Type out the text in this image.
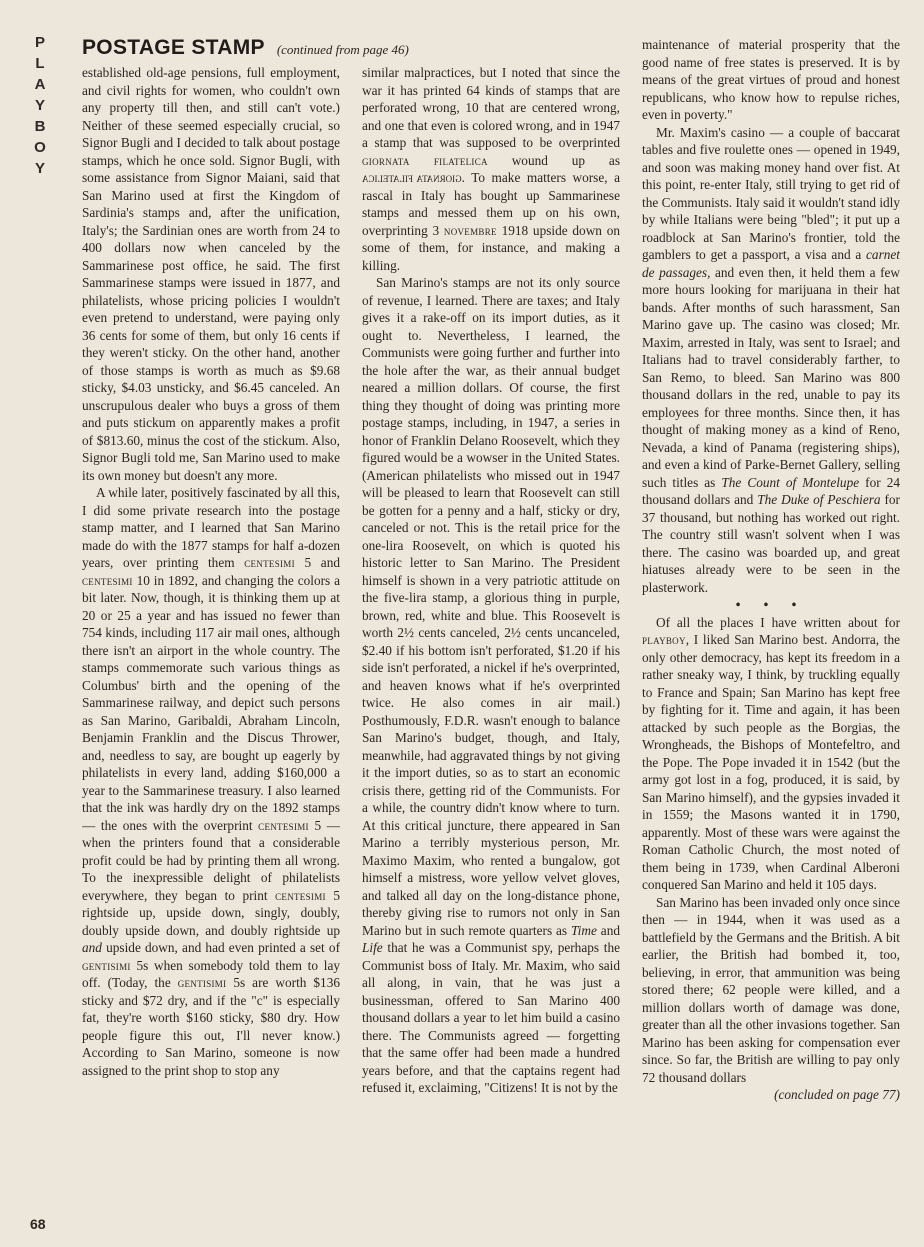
P
L
A
Y
B
O
Y
POSTAGE STAMP (continued from page 46)

established old-age pensions, full employment, and civil rights for women, who couldn't own any property till then, and still can't vote.) Neither of these seemed especially crucial, so Signor Bugli and I decided to talk about postage stamps, which he once sold. Signor Bugli, with some assistance from Signor Maiani, said that San Marino used at first the Kingdom of Sardinia's stamps and, after the unification, Italy's; the Sardinian ones are worth from 24 to 400 dollars now when canceled by the Sammarinese post office, he said. The first Sammarinese stamps were issued in 1877, and philatelists, whose pricing policies I wouldn't even pretend to understand, were paying only 36 cents for some of them, but only 16 cents if they weren't sticky. On the other hand, another of those stamps is worth as much as $9.68 sticky, $4.03 unsticky, and $6.45 canceled. An unscrupulous dealer who buys a gross of them and puts stickum on apparently makes a profit of $813.60, minus the cost of the stickum. Also, Signor Bugli told me, San Marino used to make its own money but doesn't any more.

A while later, positively fascinated by all this, I did some private research into the postage stamp matter, and I learned that San Marino made do with the 1877 stamps for half a-dozen years, over printing them centesimi 5 and centesimi 10 in 1892, and changing the colors a bit later. Now, though, it is thinking them up at 20 or 25 a year and has issued no fewer than 754 kinds, including 117 air mail ones, although there isn't an airport in the whole country. The stamps commemorate such various things as Columbus' birth and the opening of the Sammarinese railway, and depict such persons as San Marino, Garibaldi, Abraham Lincoln, Benjamin Franklin and the Discus Thrower, and, needless to say, are bought up eagerly by philatelists in every land, adding $160,000 a year to the Sammarinese treasury. I also learned that the ink was hardly dry on the 1892 stamps — the ones with the overprint centesimi 5 — when the printers found that a considerable profit could be had by printing them all wrong. To the inexpressible delight of philatelists everywhere, they began to print centesimi 5 rightside up, upside down, singly, doubly, doubly upside down, and doubly rightside up and upside down, and had even printed a set of gentisimi 5s when somebody told them to lay off. (Today, the gentisimi 5s are worth $136 sticky and $72 dry, and if the "c" is especially fat, they're worth $160 sticky, $80 dry. How people figure this out, I'll never know.) According to San Marino, someone is now assigned to the print shop to stop any

similar malpractices, but I noted that since the war it has printed 64 kinds of stamps that are perforated wrong, 10 that are centered wrong, and one that even is colored wrong, and in 1947 a stamp that was supposed to be overprinted giornata filatelica wound up as giornata filatelica. To make matters worse, a rascal in Italy has bought up Sammarinese stamps and messed them up on his own, overprinting 3 novembre 1918 upside down on some of them, for instance, and making a killing.

San Marino's stamps are not its only source of revenue, I learned. There are taxes; and Italy gives it a rake-off on its import duties, as it ought to. Nevertheless, I learned, the Communists were going further and further into the hole after the war, as their annual budget neared a million dollars. Of course, the first thing they thought of doing was printing more postage stamps, including, in 1947, a series in honor of Franklin Delano Roosevelt, which they figured would be a wowser in the United States. (American philatelists who missed out in 1947 will be pleased to learn that Roosevelt can still be gotten for a penny and a half, sticky or dry, canceled or not. This is the retail price for the one-lira Roosevelt, on which is quoted his historic letter to San Marino. The President himself is shown in a very patriotic attitude on the five-lira stamp, a glorious thing in purple, brown, red, white and blue. This Roosevelt is worth 2½ cents canceled, 2½ cents uncanceled, $2.40 if his bottom isn't perforated, $1.20 if his side isn't perforated, a nickel if he's overprinted, and heaven knows what if he's overprinted twice. He also comes in air mail.) Posthumously, F.D.R. wasn't enough to balance San Marino's budget, though, and Italy, meanwhile, had aggravated things by not giving it the import duties, so as to start an economic crisis there, getting rid of the Communists. For a while, the country didn't know where to turn. At this critical juncture, there appeared in San Marino a terribly mysterious person, Mr. Maximo Maxim, who rented a bungalow, got himself a mistress, wore yellow velvet gloves, and talked all day on the long-distance phone, thereby giving rise to rumors not only in San Marino but in such remote quarters as Time and Life that he was a Communist spy, perhaps the Communist boss of Italy. Mr. Maxim, who said all along, in vain, that he was just a businessman, offered to San Marino 400 thousand dollars a year to let him build a casino there. The Communists agreed — forgetting that the same offer had been made a hundred years before, and that the captains regent had refused it, exclaiming, "Citizens! It is not by the

maintenance of material prosperity that the good name of free states is preserved. It is by means of the great virtues of proud and honest republicans, who know how to repulse riches, even in poverty."

Mr. Maxim's casino — a couple of baccarat tables and five roulette ones — opened in 1949, and soon was making money hand over fist. At this point, re-enter Italy, still trying to get rid of the Communists. Italy said it wouldn't stand idly by while Italians were being "bled"; it put up a roadblock at San Marino's frontier, told the gamblers to get a passport, a visa and a carnet de passages, and even then, it held them a few more hours looking for marijuana in their hat bands. After months of such harassment, San Marino gave up. The casino was closed; Mr. Maxim, arrested in Italy, was sent to Israel; and Italians had to travel considerably farther, to San Remo, to bleed. San Marino was 800 thousand dollars in the red, unable to pay its employees for three months. Since then, it has thought of making money as a kind of Reno, Nevada, a kind of Panama (registering ships), and even a kind of Parke-Bernet Gallery, selling such titles as The Count of Montelupe for 24 thousand dollars and The Duke of Peschiera for 37 thousand, but nothing has worked out right. The country still wasn't solvent when I was there. The casino was boarded up, and great hiatuses already were to be seen in the plasterwork.

• • •

Of all the places I have written about for playboy, I liked San Marino best. Andorra, the only other democracy, has kept its freedom in a rather sneaky way, I think, by truckling equally to France and Spain; San Marino has kept free by fighting for it. Time and again, it has been attacked by such people as the Borgias, the Wrongheads, the Bishops of Montefeltro, and the Pope. The Pope invaded it in 1542 (but the army got lost in a fog, produced, it is said, by San Marino himself), and the gypsies invaded it in 1559; the Masons wanted it in 1790, apparently. Most of these wars were against the Roman Catholic Church, the most noted of them being in 1739, when Cardinal Alberoni conquered San Marino and held it 105 days.

San Marino has been invaded only once since then — in 1944, when it was used as a battlefield by the Germans and the British. A bit earlier, the British had bombed it, too, believing, in error, that ammunition was being stored there; 62 people were killed, and a million dollars worth of damage was done, greater than all the other invasions together. San Marino has been asking for compensation ever since. So far, the British are willing to pay only 72 thousand dollars

(concluded on page 77)

68
